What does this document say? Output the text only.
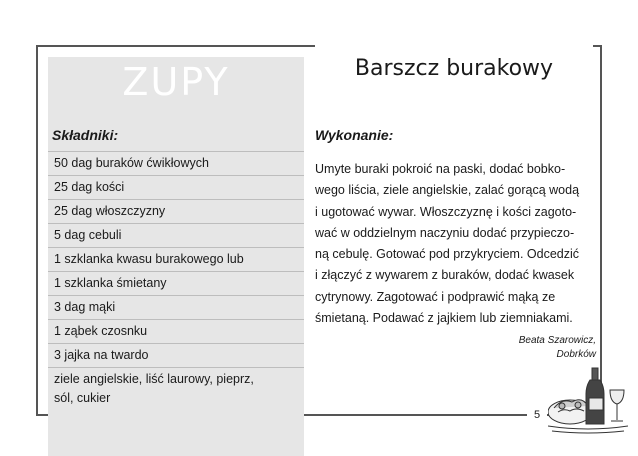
ZUPY
Składniki:
50 dag buraków ćwikłowych
25 dag kości
25 dag włoszczyzny
5 dag cebuli
1 szklanka kwasu burakowego lub
1 szklanka śmietany
3 dag mąki
1 ząbek czosnku
3 jajka na twardo
ziele angielskie, liść laurowy, pieprz,
sól, cukier
Barszcz burakowy
Wykonanie:
Umyte buraki pokroić na paski, dodać bobko-
wego liścia, ziele angielskie, zalać gorącą wodą
i ugotować wywar. Włoszczyznę i kości zagoto-
wać w oddzielnym naczyniu dodać przypieczo-
ną cebulę. Gotować pod przykryciem. Odcedzić
i złączyć z wywarem z buraków, dodać kwasek
cytrynowy. Zagotować i podprawić mąką ze
śmietaną. Podawać z jajkiem lub ziemniakami.
Beata Szarowicz,
Dobrków
5
